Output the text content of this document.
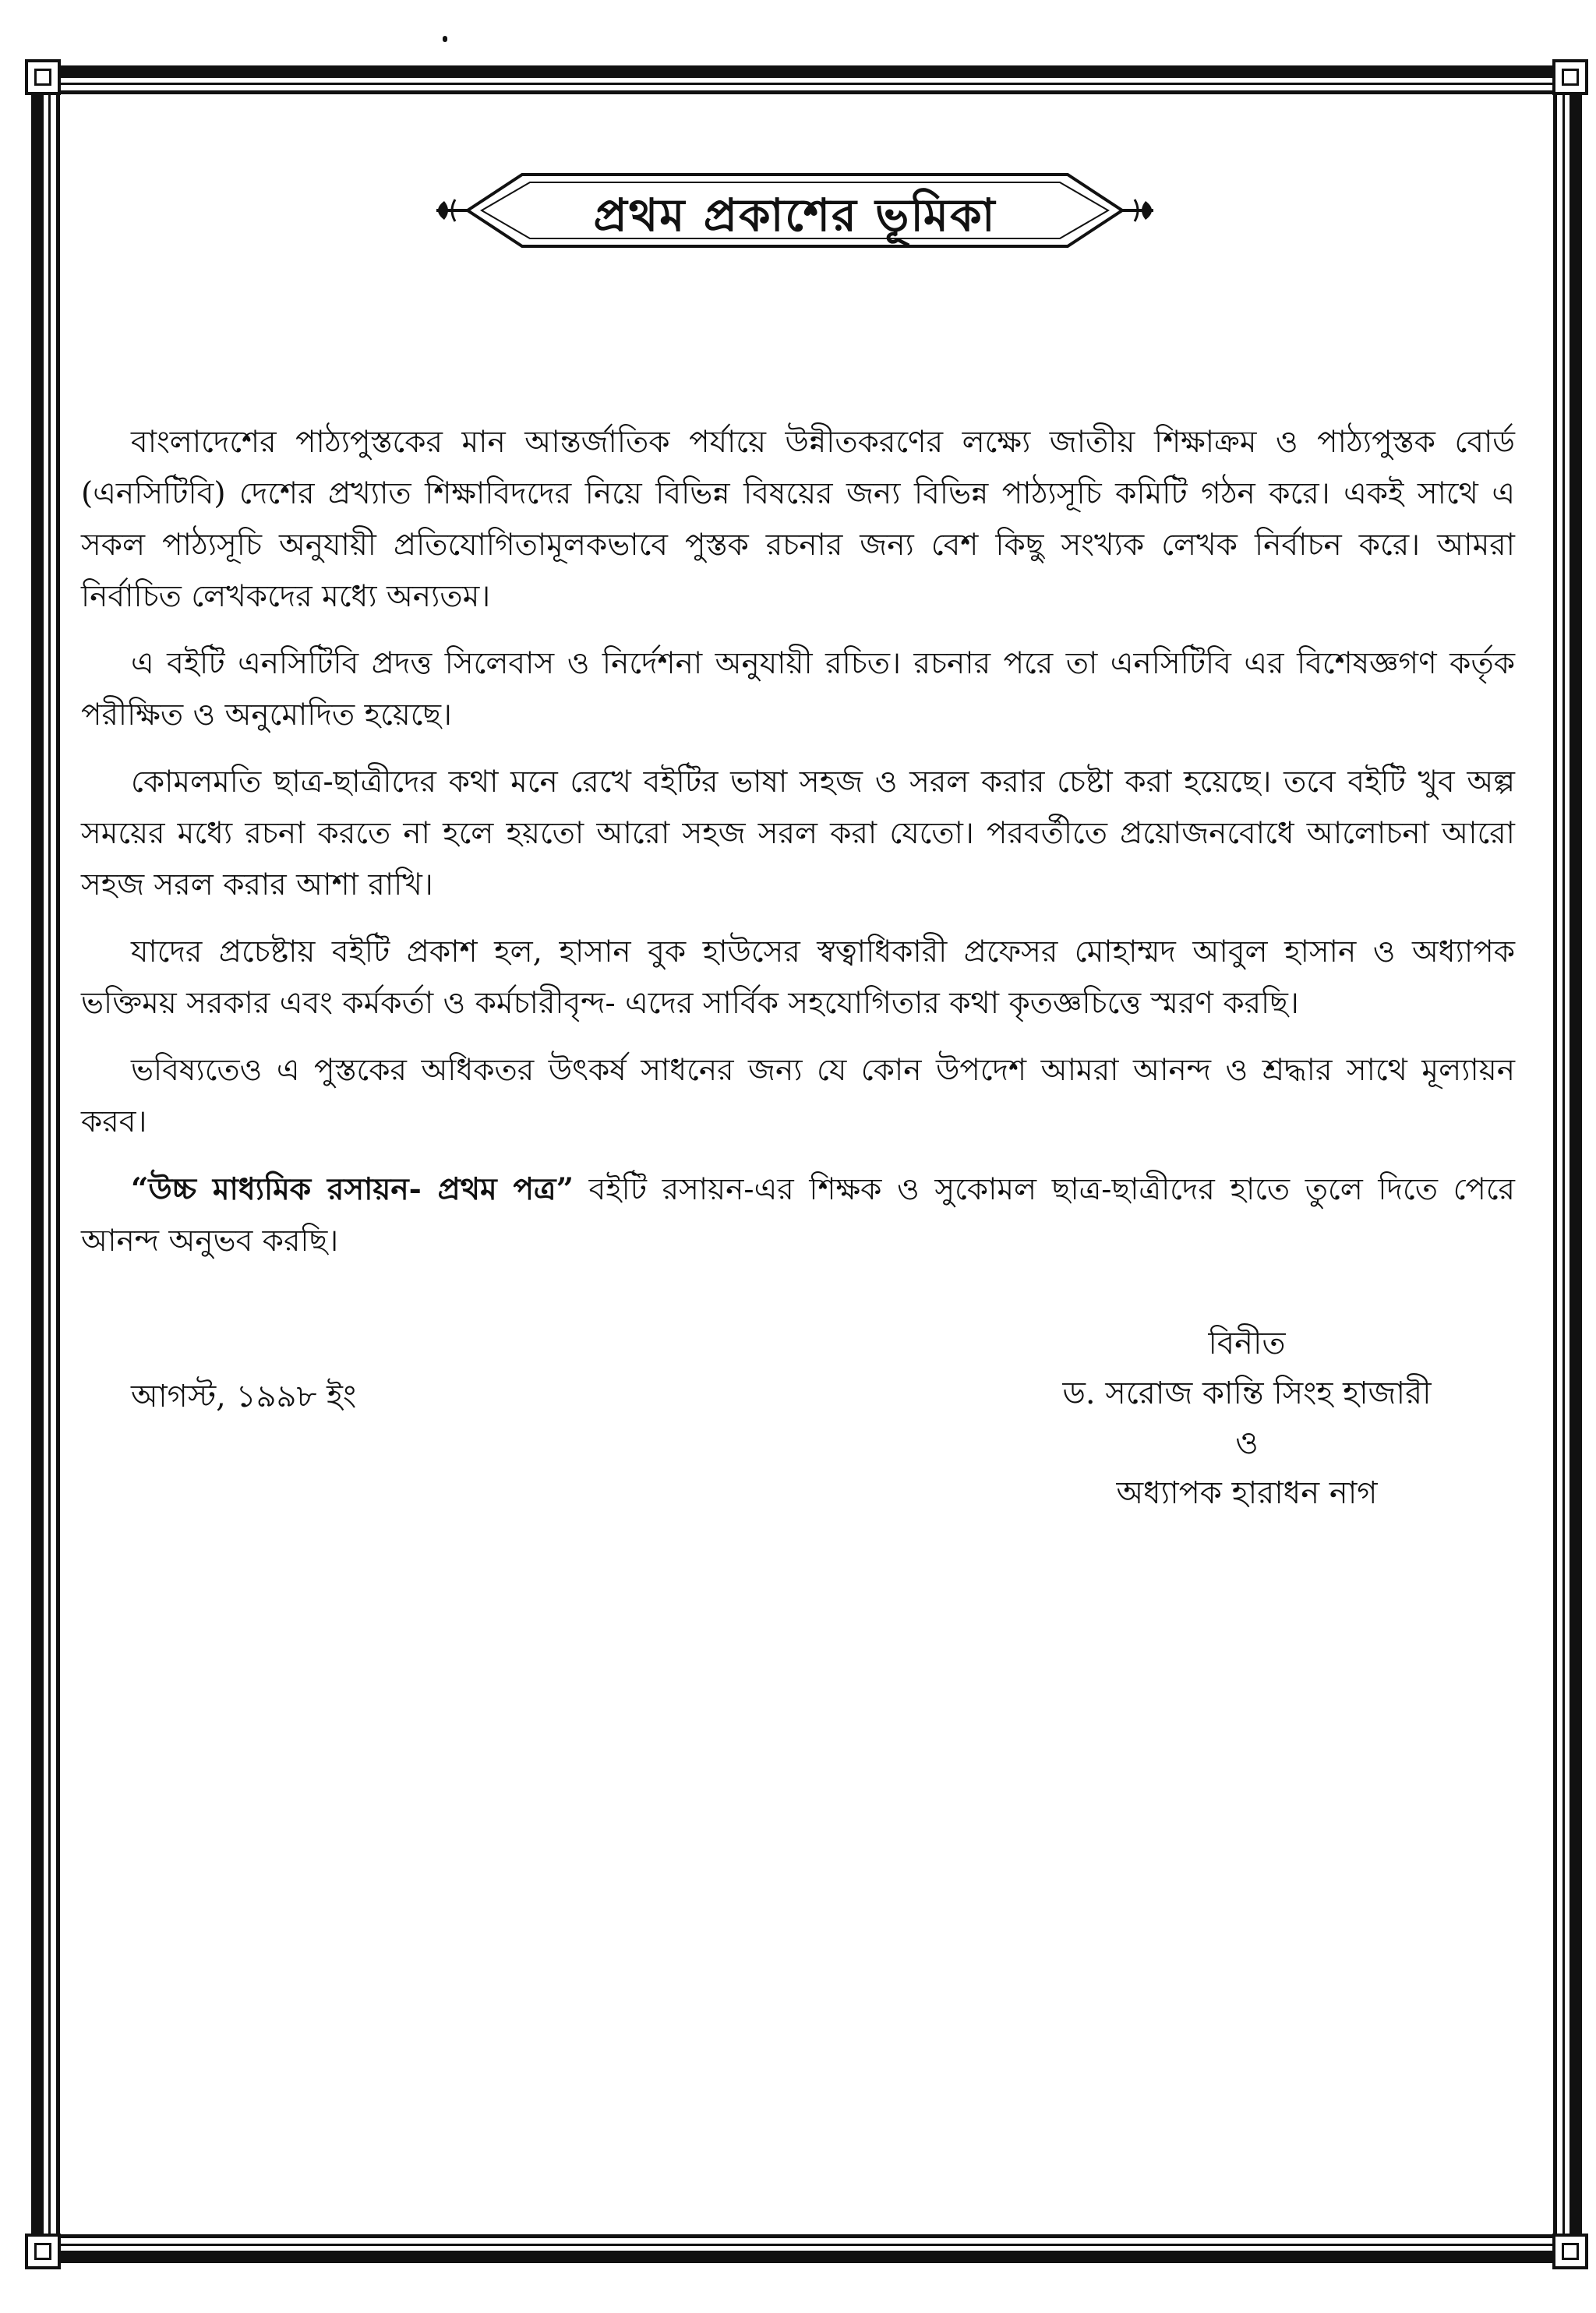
প্রথম প্রকাশের ভূমিকা

বাংলাদেশের পাঠ্যপুস্তকের মান আন্তর্জাতিক পর্যায়ে উন্নীতকরণের লক্ষ্যে জাতীয় শিক্ষাক্রম ও পাঠ্যপুস্তক বোর্ড (এনসিটিবি) দেশের প্রখ্যাত শিক্ষাবিদদের নিয়ে বিভিন্ন বিষয়ের জন্য বিভিন্ন পাঠ্যসূচি কমিটি গঠন করে। একই সাথে এ সকল পাঠ্যসূচি অনুযায়ী প্রতিযোগিতামূলকভাবে পুস্তক রচনার জন্য বেশ কিছু সংখ্যক লেখক নির্বাচন করে। আমরা নির্বাচিত লেখকদের মধ্যে অন্যতম।

এ বইটি এনসিটিবি প্রদত্ত সিলেবাস ও নির্দেশনা অনুযায়ী রচিত। রচনার পরে তা এনসিটিবি এর বিশেষজ্ঞগণ কর্তৃক পরীক্ষিত ও অনুমোদিত হয়েছে।

কোমলমতি ছাত্র-ছাত্রীদের কথা মনে রেখে বইটির ভাষা সহজ ও সরল করার চেষ্টা করা হয়েছে। তবে বইটি খুব অল্প সময়ের মধ্যে রচনা করতে না হলে হয়তো আরো সহজ সরল করা যেতো। পরবর্তীতে প্রয়োজনবোধে আলোচনা আরো সহজ সরল করার আশা রাখি।

যাদের প্রচেষ্টায় বইটি প্রকাশ হল, হাসান বুক হাউসের স্বত্বাধিকারী প্রফেসর মোহাম্মদ আবুল হাসান ও অধ্যাপক ভক্তিময় সরকার এবং কর্মকর্তা ও কর্মচারীবৃন্দ- এদের সার্বিক সহযোগিতার কথা কৃতজ্ঞচিত্তে স্মরণ করছি।

ভবিষ্যতেও এ পুস্তকের অধিকতর উৎকর্ষ সাধনের জন্য যে কোন উপদেশ আমরা আনন্দ ও শ্রদ্ধার সাথে মূল্যায়ন করব।

“উচ্চ মাধ্যমিক রসায়ন- প্রথম পত্র” বইটি রসায়ন-এর শিক্ষক ও সুকোমল ছাত্র-ছাত্রীদের হাতে তুলে দিতে পেরে আনন্দ অনুভব করছি।

আগস্ট, ১৯৯৮ ইং
বিনীত
ড. সরোজ কান্তি সিংহ হাজারী
ও
অধ্যাপক হারাধন নাগ
